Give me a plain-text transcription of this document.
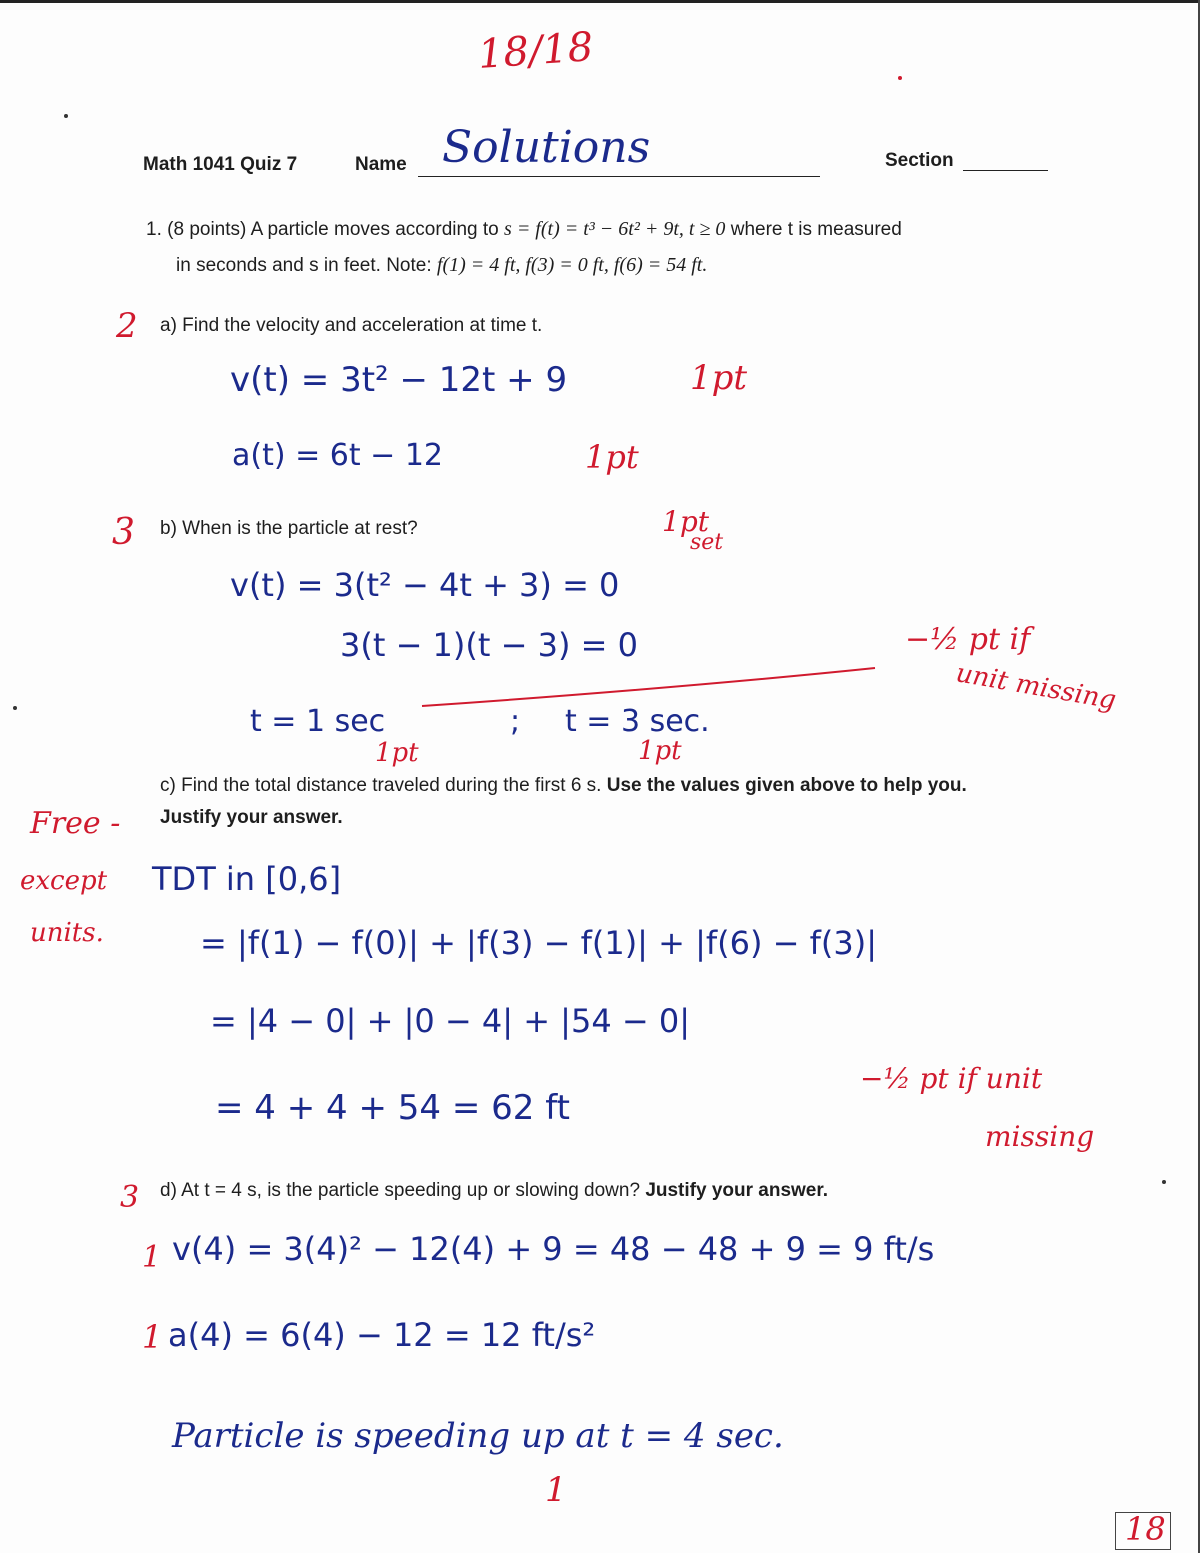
18/18
Math 1041 Quiz 7	Name Solutions	Section
1. (8 points) A particle moves according to s = f(t) = t³ − 6t² + 9t, t ≥ 0 where t is measured
in seconds and s in feet. Note: f(1) = 4 ft, f(3) = 0 ft, f(6) = 54 ft.
2 a) Find the velocity and acceleration at time t.
v(t) = 3t² − 12t + 9	1pt
a(t) = 6t − 12	1pt
3 b) When is the particle at rest?	1pt
set
v(t) = 3(t² − 4t + 3) = 0
3(t − 1)(t − 3) = 0
t = 1 sec	; t = 3 sec.
1pt	1pt
−½ pt if
unit missing
c) Find the total distance traveled during the first 6 s. Use the values given above to help you.
Justify your answer.
Free -
except
units.
TDT in [0,6]
= |f(1) − f(0)| + |f(3) − f(1)| + |f(6) − f(3)|
= |4 − 0| + |0 − 4| + |54 − 0|
= 4 + 4 + 54 = 62 ft
−½ pt if unit
missing
3 d) At t = 4 s, is the particle speeding up or slowing down? Justify your answer.
1 v(4) = 3(4)² − 12(4) + 9 = 48 − 48 + 9 = 9 ft/s
1 a(4) = 6(4) − 12 = 12 ft/s²
Particle is speeding up at t = 4 sec.
1
18
